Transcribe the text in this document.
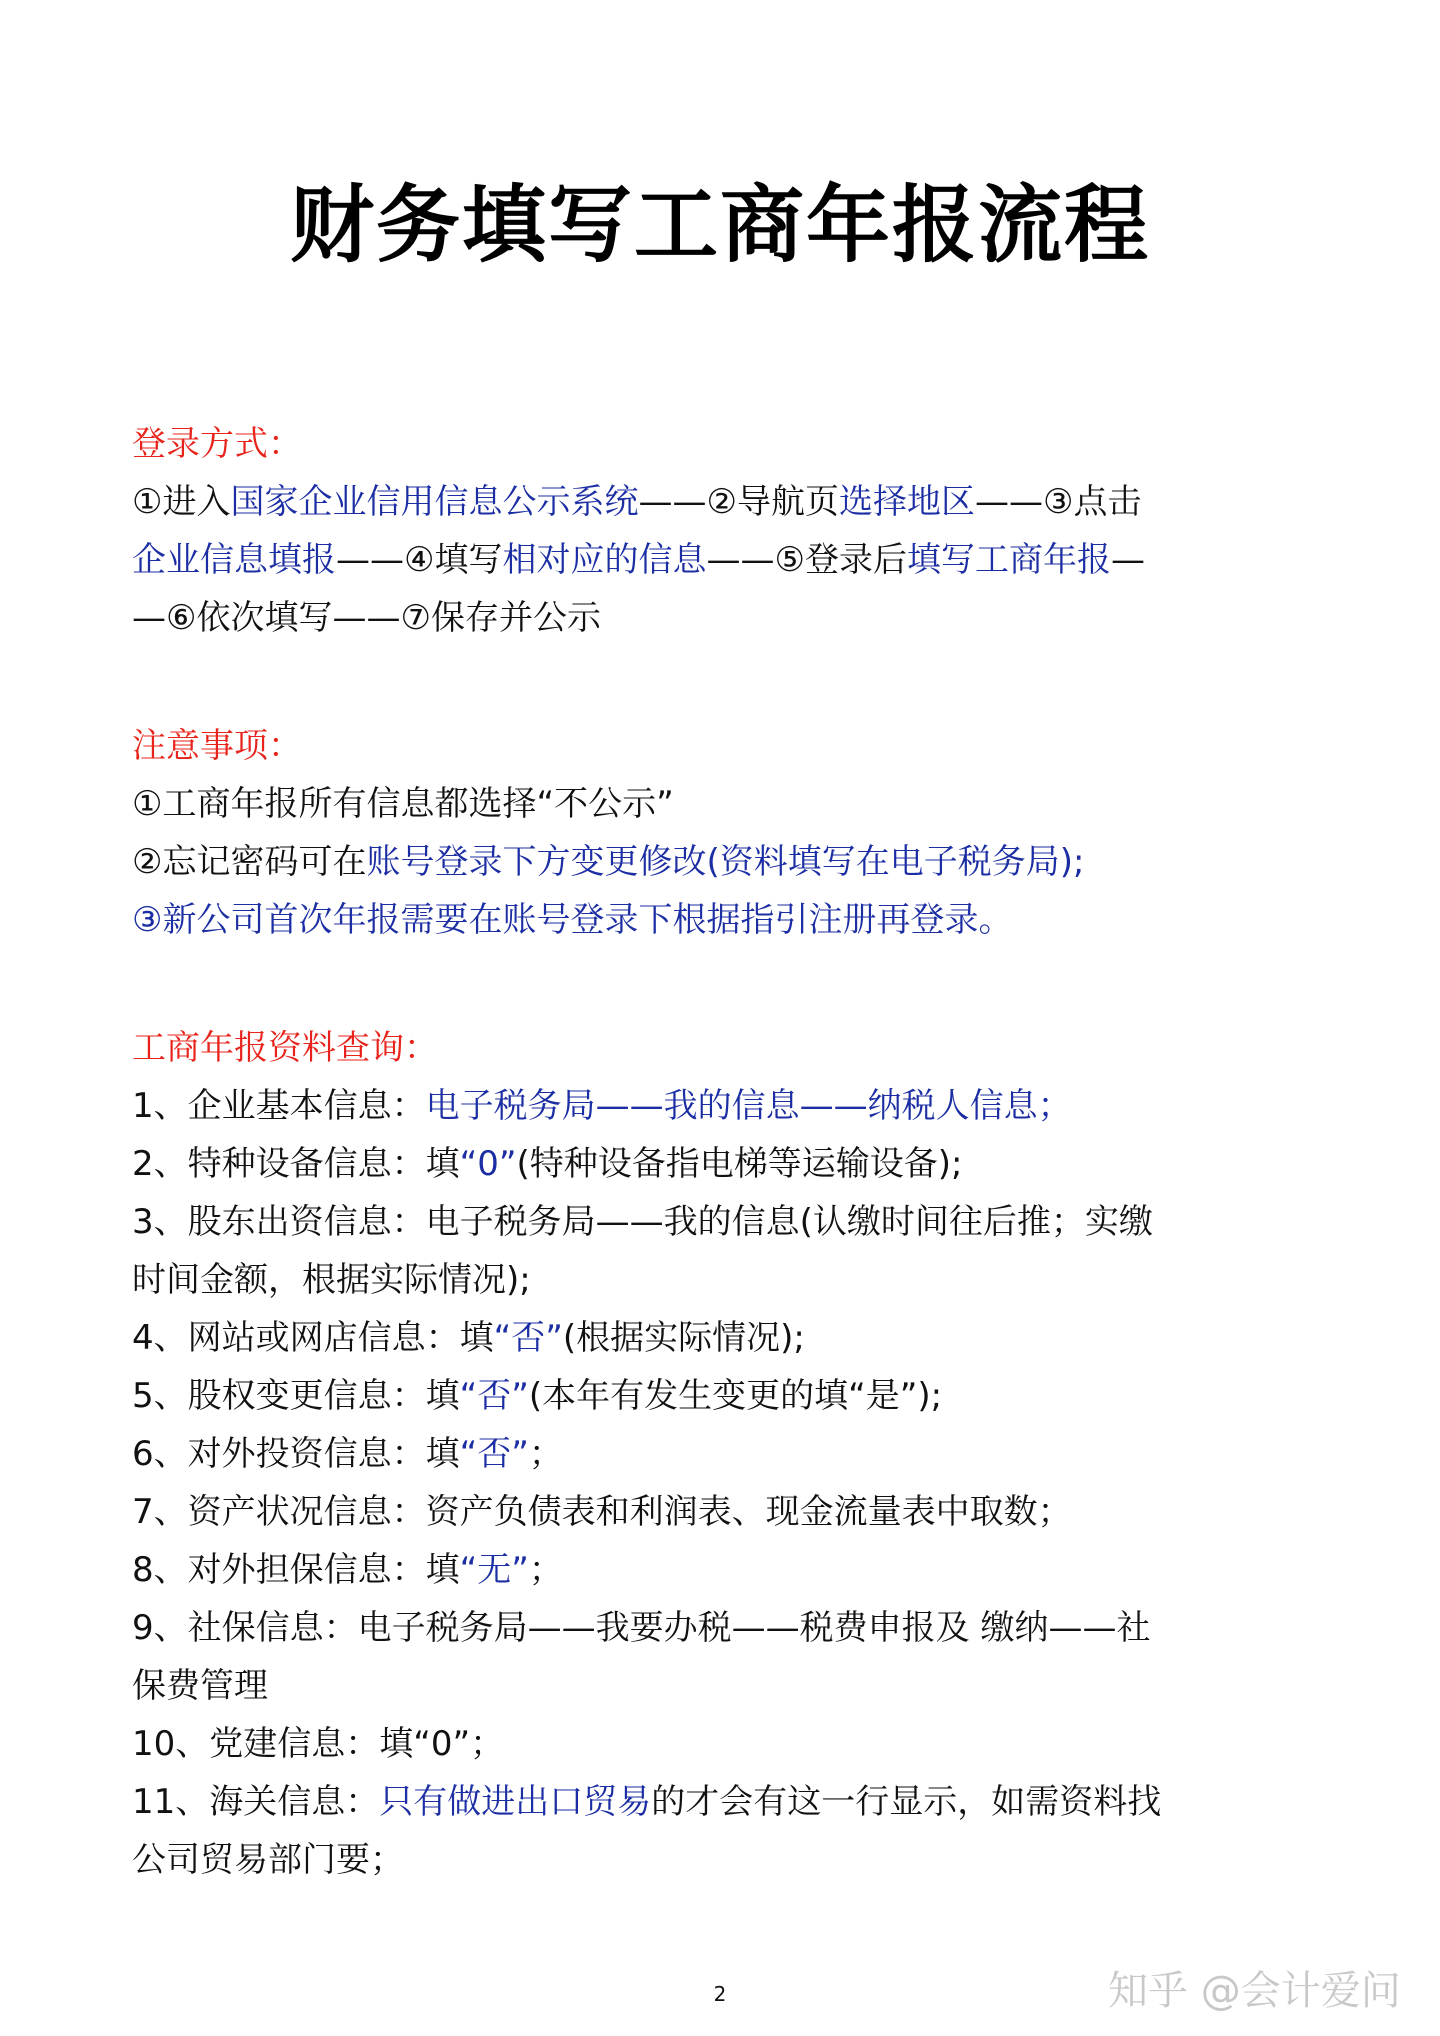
财务填写工商年报流程
登录方式：
①进入国家企业信用信息公示系统——②导航页选择地区——③点击
企业信息填报——④填写相对应的信息——⑤登录后填写工商年报—
—⑥依次填写——⑦保存并公示
注意事项：
①工商年报所有信息都选择“不公示”
②忘记密码可在账号登录下方变更修改(资料填写在电子税务局);
③新公司首次年报需要在账号登录下根据指引注册再登录。
工商年报资料查询：
1、企业基本信息：电子税务局——我的信息——纳税人信息；
2、特种设备信息：填“0”(特种设备指电梯等运输设备);
3、股东出资信息：电子税务局——我的信息(认缴时间往后推；实缴
时间金额，根据实际情况);
4、网站或网店信息：填“否”(根据实际情况);
5、股权变更信息：填“否”(本年有发生变更的填“是”);
6、对外投资信息：填“否”；
7、资产状况信息：资产负债表和利润表、现金流量表中取数；
8、对外担保信息：填“无”；
9、社保信息：电子税务局——我要办税——税费申报及 缴纳——社
保费管理
10、党建信息：填“0”；
11、海关信息：只有做进出口贸易的才会有这一行显示，如需资料找
公司贸易部门要；
2	知乎 @会计爱问
